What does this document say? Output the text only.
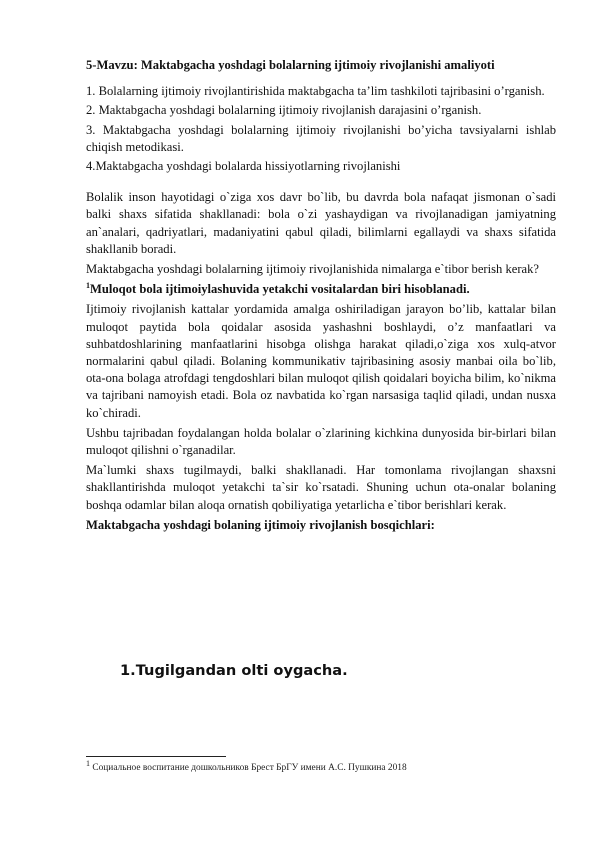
5-Mavzu: Maktabgacha yoshdagi bolalarning ijtimoiy rivojlanishi amaliyoti

1. Bolalarning ijtimoiy rivojlantirishida maktabgacha ta’lim tashkiloti tajribasini o’rganish.

2. Maktabgacha yoshdagi bolalarning ijtimoiy rivojlanish darajasini o’rganish.

3. Maktabgacha yoshdagi bolalarning ijtimoiy rivojlanishi bo’yicha tavsiyalarni ishlab chiqish metodikasi.

4.Maktabgacha yoshdagi bolalarda hissiyotlarning rivojlanishi

Bolalik inson hayotidagi o`ziga xos davr bo`lib, bu davrda bola nafaqat jismonan o`sadi balki shaxs sifatida shakllanadi: bola o`zi yashaydigan va rivojlanadigan jamiyatning an`analari, qadriyatlari, madaniyatini qabul qiladi, bilimlarni egallaydi va shaxs sifatida shakllanib boradi.

Maktabgacha yoshdagi bolalarning ijtimoiy rivojlanishida nimalarga e`tibor berish kerak?

$^1$Muloqot bola ijtimoiylashuvida yetakchi vositalardan biri hisoblanadi.

Ijtimoiy rivojlanish kattalar yordamida amalga oshiriladigan jarayon bo’lib, kattalar bilan muloqot paytida bola qoidalar asosida yashashni boshlaydi, o’z manfaatlari va suhbatdoshlarining manfaatlarini hisobga olishga harakat qiladi,o`ziga xos xulq-atvor normalarini qabul qiladi. Bolaning kommunikativ tajribasining asosiy manbai oila bo`lib, ota-ona bolaga atrofdagi tengdoshlari bilan muloqot qilish qoidalari boyicha bilim, ko`nikma va tajribani namoyish etadi. Bola oz navbatida ko`rgan narsasiga taqlid qiladi, undan nusxa ko`chiradi.

Ushbu tajribadan foydalangan holda bolalar o`zlarining kichkina dunyosida bir-birlari bilan muloqot qilishni o`rganadilar.

Ma`lumki shaxs tugilmaydi, balki shakllanadi. Har tomonlama rivojlangan shaxsni shakllantirishda muloqot yetakchi ta`sir ko`rsatadi. Shuning uchun ota-onalar bolaning boshqa odamlar bilan aloqa ornatish qobiliyatiga yetarlicha e`tibor berishlari kerak.

Maktabgacha yoshdagi bolaning ijtimoiy rivojlanish bosqichlari:

1.Tugilgandan olti oygacha.
$^1$ Социальное воспитание дошкольников Брест БрГУ имени А.С. Пушкина 2018
